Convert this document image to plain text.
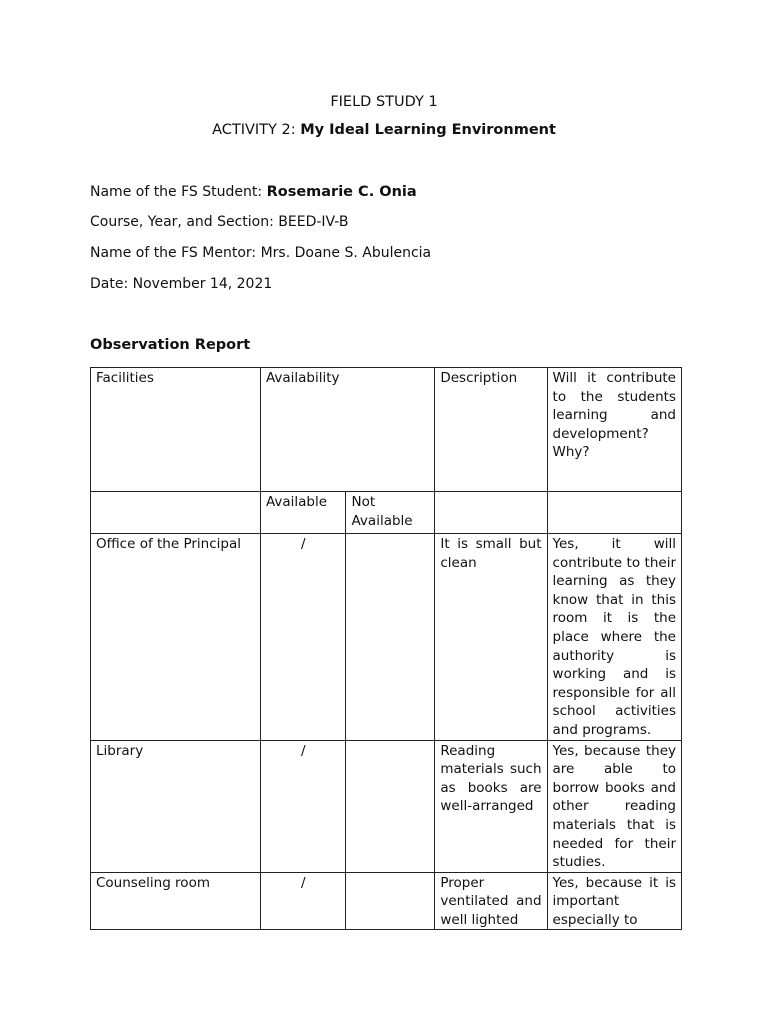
FIELD STUDY 1
ACTIVITY 2: My Ideal Learning Environment
Name of the FS Student: Rosemarie C. Onia
Course, Year, and Section: BEED-IV-B
Name of the FS Mentor: Mrs. Doane S. Abulencia
Date: November 14, 2021
Observation Report
Facilities	Availability		Description	Will it contribute to the students learning and development? Why?
	Available	Not Available		
Office of the Principal	/		It is small but clean	Yes, it will contribute to their learning as they know that in this room it is the place where the authority is working and is responsible for all school activities and programs.
Library	/		Reading materials such as books are well-arranged	Yes, because they are able to borrow books and other reading materials that is needed for their studies.
Counseling room	/		Proper ventilated and well lighted	Yes, because it is important especially to
